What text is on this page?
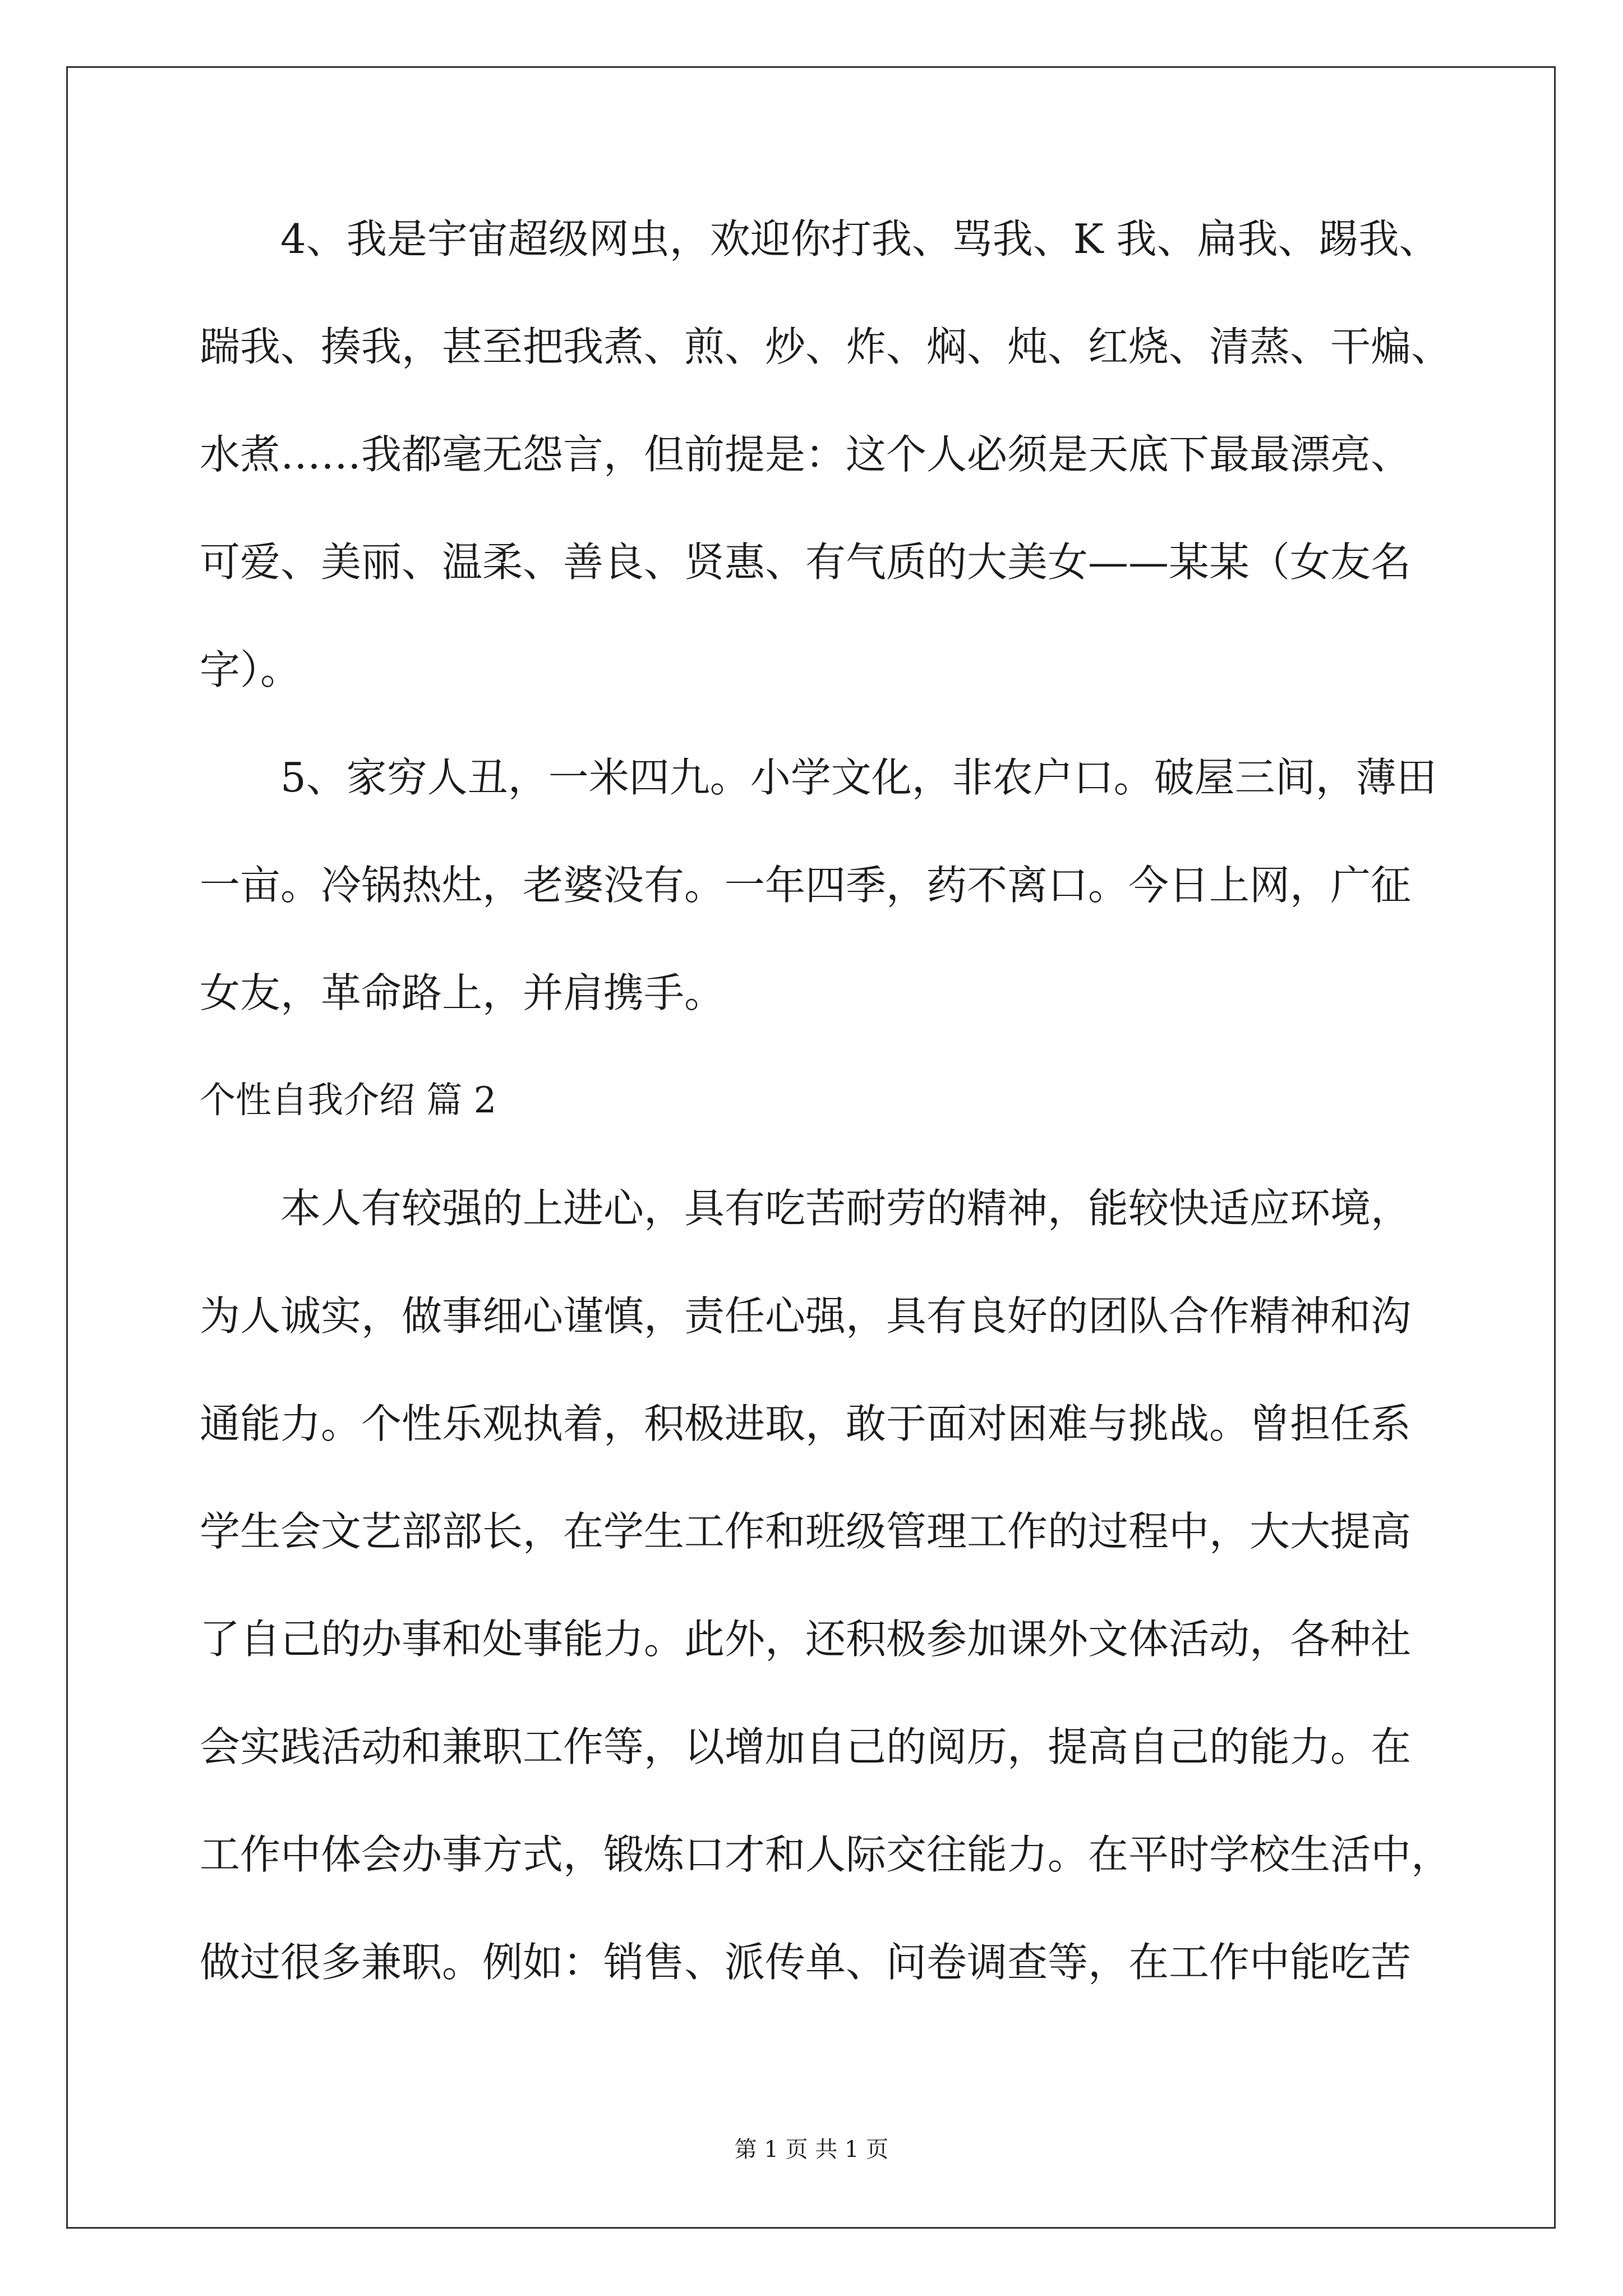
4、我是宇宙超级网虫，欢迎你打我、骂我、K 我、扁我、踢我、

踹我、揍我，甚至把我煮、煎、炒、炸、焖、炖、红烧、清蒸、干煸、

水煮……我都毫无怨言，但前提是：这个人必须是天底下最最漂亮、

可爱、美丽、温柔、善良、贤惠、有气质的大美女——某某（女友名

字）。

5、家穷人丑，一米四九。小学文化，非农户口。破屋三间，薄田

一亩。冷锅热灶，老婆没有。一年四季，药不离口。今日上网，广征

女友，革命路上，并肩携手。

个性自我介绍 篇 2

本人有较强的上进心，具有吃苦耐劳的精神，能较快适应环境，

为人诚实，做事细心谨慎，责任心强，具有良好的团队合作精神和沟

通能力。个性乐观执着，积极进取，敢于面对困难与挑战。曾担任系

学生会文艺部部长，在学生工作和班级管理工作的过程中，大大提高

了自己的办事和处事能力。此外，还积极参加课外文体活动，各种社

会实践活动和兼职工作等，以增加自己的阅历，提高自己的能力。在

工作中体会办事方式，锻炼口才和人际交往能力。在平时学校生活中，

做过很多兼职。例如：销售、派传单、问卷调查等，在工作中能吃苦

第 1 页 共 1 页
